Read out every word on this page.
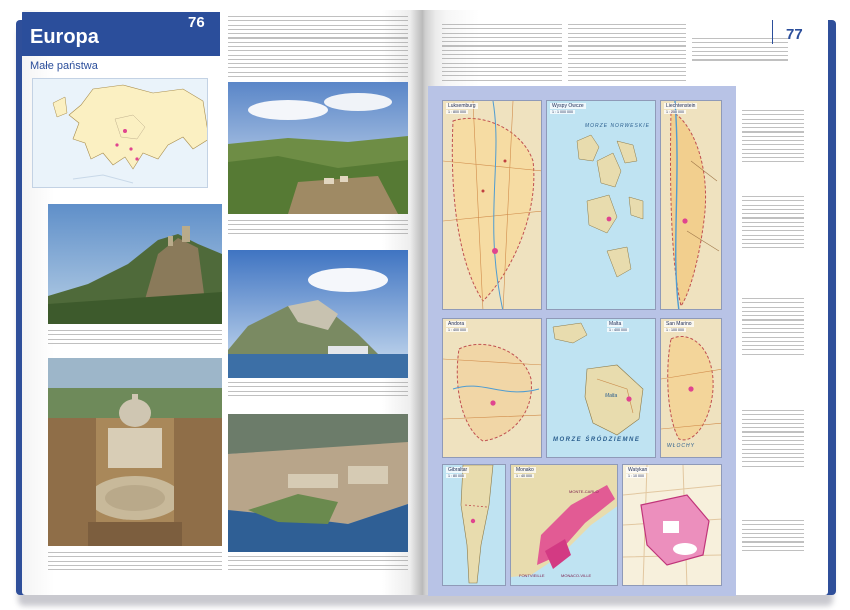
Europa
76
Małe państwa
77
Luksemburg
1 : 800 000
Wyspy Owcze
1 : 1 000 000
MORZE NORWESKIE
Liechtenstein
1 : 250 000
Andora
1 : 400 000
Malta
1 : 400 000
Malta
MORZE ŚRÓDZIEMNE
San Marino
1 : 100 000
WŁOCHY
Gibraltar
1 : 80 000
Monako
1 : 40 000
MONTE-CARLO
FONTVIEILLE	MONACO-VILLE
Watykan
1 : 10 000
